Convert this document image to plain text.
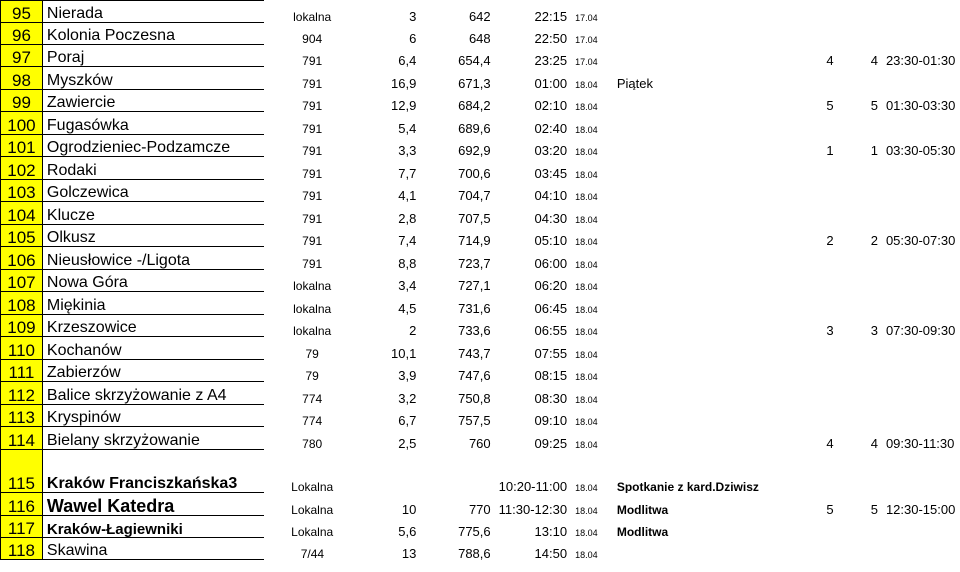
95	Nierada	lokalna	3	642	22:15	17.04				
96	Kolonia Poczesna	904	6	648	22:50	17.04				
97	Poraj	791	6,4	654,4	23:25	17.04		4	4	23:30-01:30
98	Myszków	791	16,9	671,3	01:00	18.04	Piątek			
99	Zawiercie	791	12,9	684,2	02:10	18.04		5	5	01:30-03:30
100	Fugasówka	791	5,4	689,6	02:40	18.04				
101	Ogrodzieniec-Podzamcze	791	3,3	692,9	03:20	18.04		1	1	03:30-05:30
102	Rodaki	791	7,7	700,6	03:45	18.04				
103	Golczewica	791	4,1	704,7	04:10	18.04				
104	Klucze	791	2,8	707,5	04:30	18.04				
105	Olkusz	791	7,4	714,9	05:10	18.04		2	2	05:30-07:30
106	Nieusłowice -/Ligota	791	8,8	723,7	06:00	18.04				
107	Nowa Góra	lokalna	3,4	727,1	06:20	18.04				
108	Miękinia	lokalna	4,5	731,6	06:45	18.04				
109	Krzeszowice	lokalna	2	733,6	06:55	18.04		3	3	07:30-09:30
110	Kochanów	79	10,1	743,7	07:55	18.04				
111	Zabierzów	79	3,9	747,6	08:15	18.04				
112	Balice skrzyżowanie z A4	774	3,2	750,8	08:30	18.04				
113	Kryspinów	774	6,7	757,5	09:10	18.04				
114	Bielany skrzyżowanie	780	2,5	760	09:25	18.04		4	4	09:30-11:30
115	Kraków Franciszkańska3	Lokalna			10:20-11:00	18.04	Spotkanie z kard.Dziwisz			
116	Wawel Katedra	Lokalna	10	770	11:30-12:30	18.04	Modlitwa	5	5	12:30-15:00
117	Kraków-Łagiewniki	Lokalna	5,6	775,6	13:10	18.04	Modlitwa			
118	Skawina	7/44	13	788,6	14:50	18.04				
